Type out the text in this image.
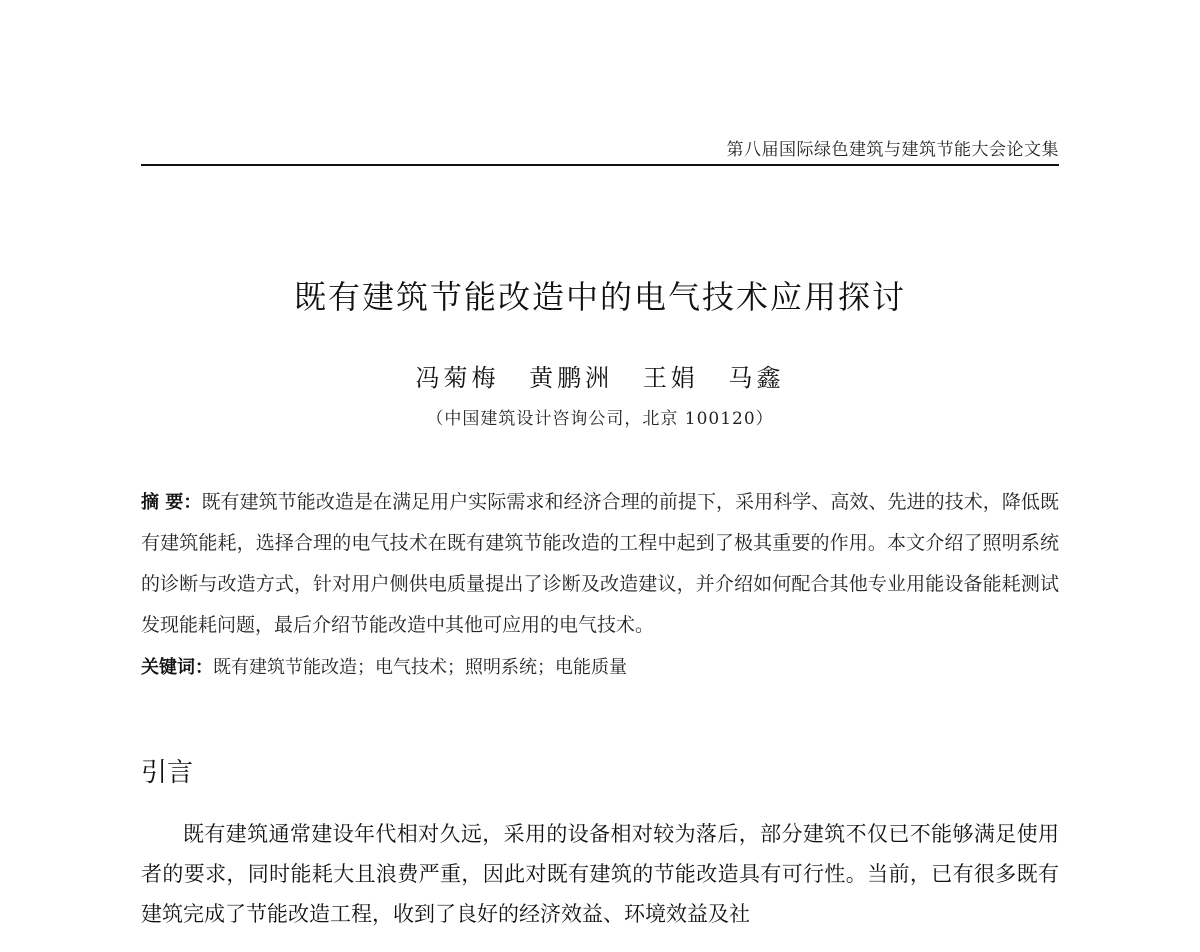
第八届国际绿色建筑与建筑节能大会论文集
既有建筑节能改造中的电气技术应用探讨
冯菊梅 黄鹏洲 王娟 马鑫
（中国建筑设计咨询公司，北京 100120）
摘 要：既有建筑节能改造是在满足用户实际需求和经济合理的前提下，采用科学、高效、先进的技术，降低既有建筑能耗，选择合理的电气技术在既有建筑节能改造的工程中起到了极其重要的作用。本文介绍了照明系统的诊断与改造方式，针对用户侧供电质量提出了诊断及改造建议，并介绍如何配合其他专业用能设备能耗测试发现能耗问题，最后介绍节能改造中其他可应用的电气技术。
关键词：既有建筑节能改造；电气技术；照明系统；电能质量
引言

既有建筑通常建设年代相对久远，采用的设备相对较为落后，部分建筑不仅已不能够满足使用者的要求，同时能耗大且浪费严重，因此对既有建筑的节能改造具有可行性。当前，已有很多既有建筑完成了节能改造工程，收到了良好的经济效益、环境效益及社
